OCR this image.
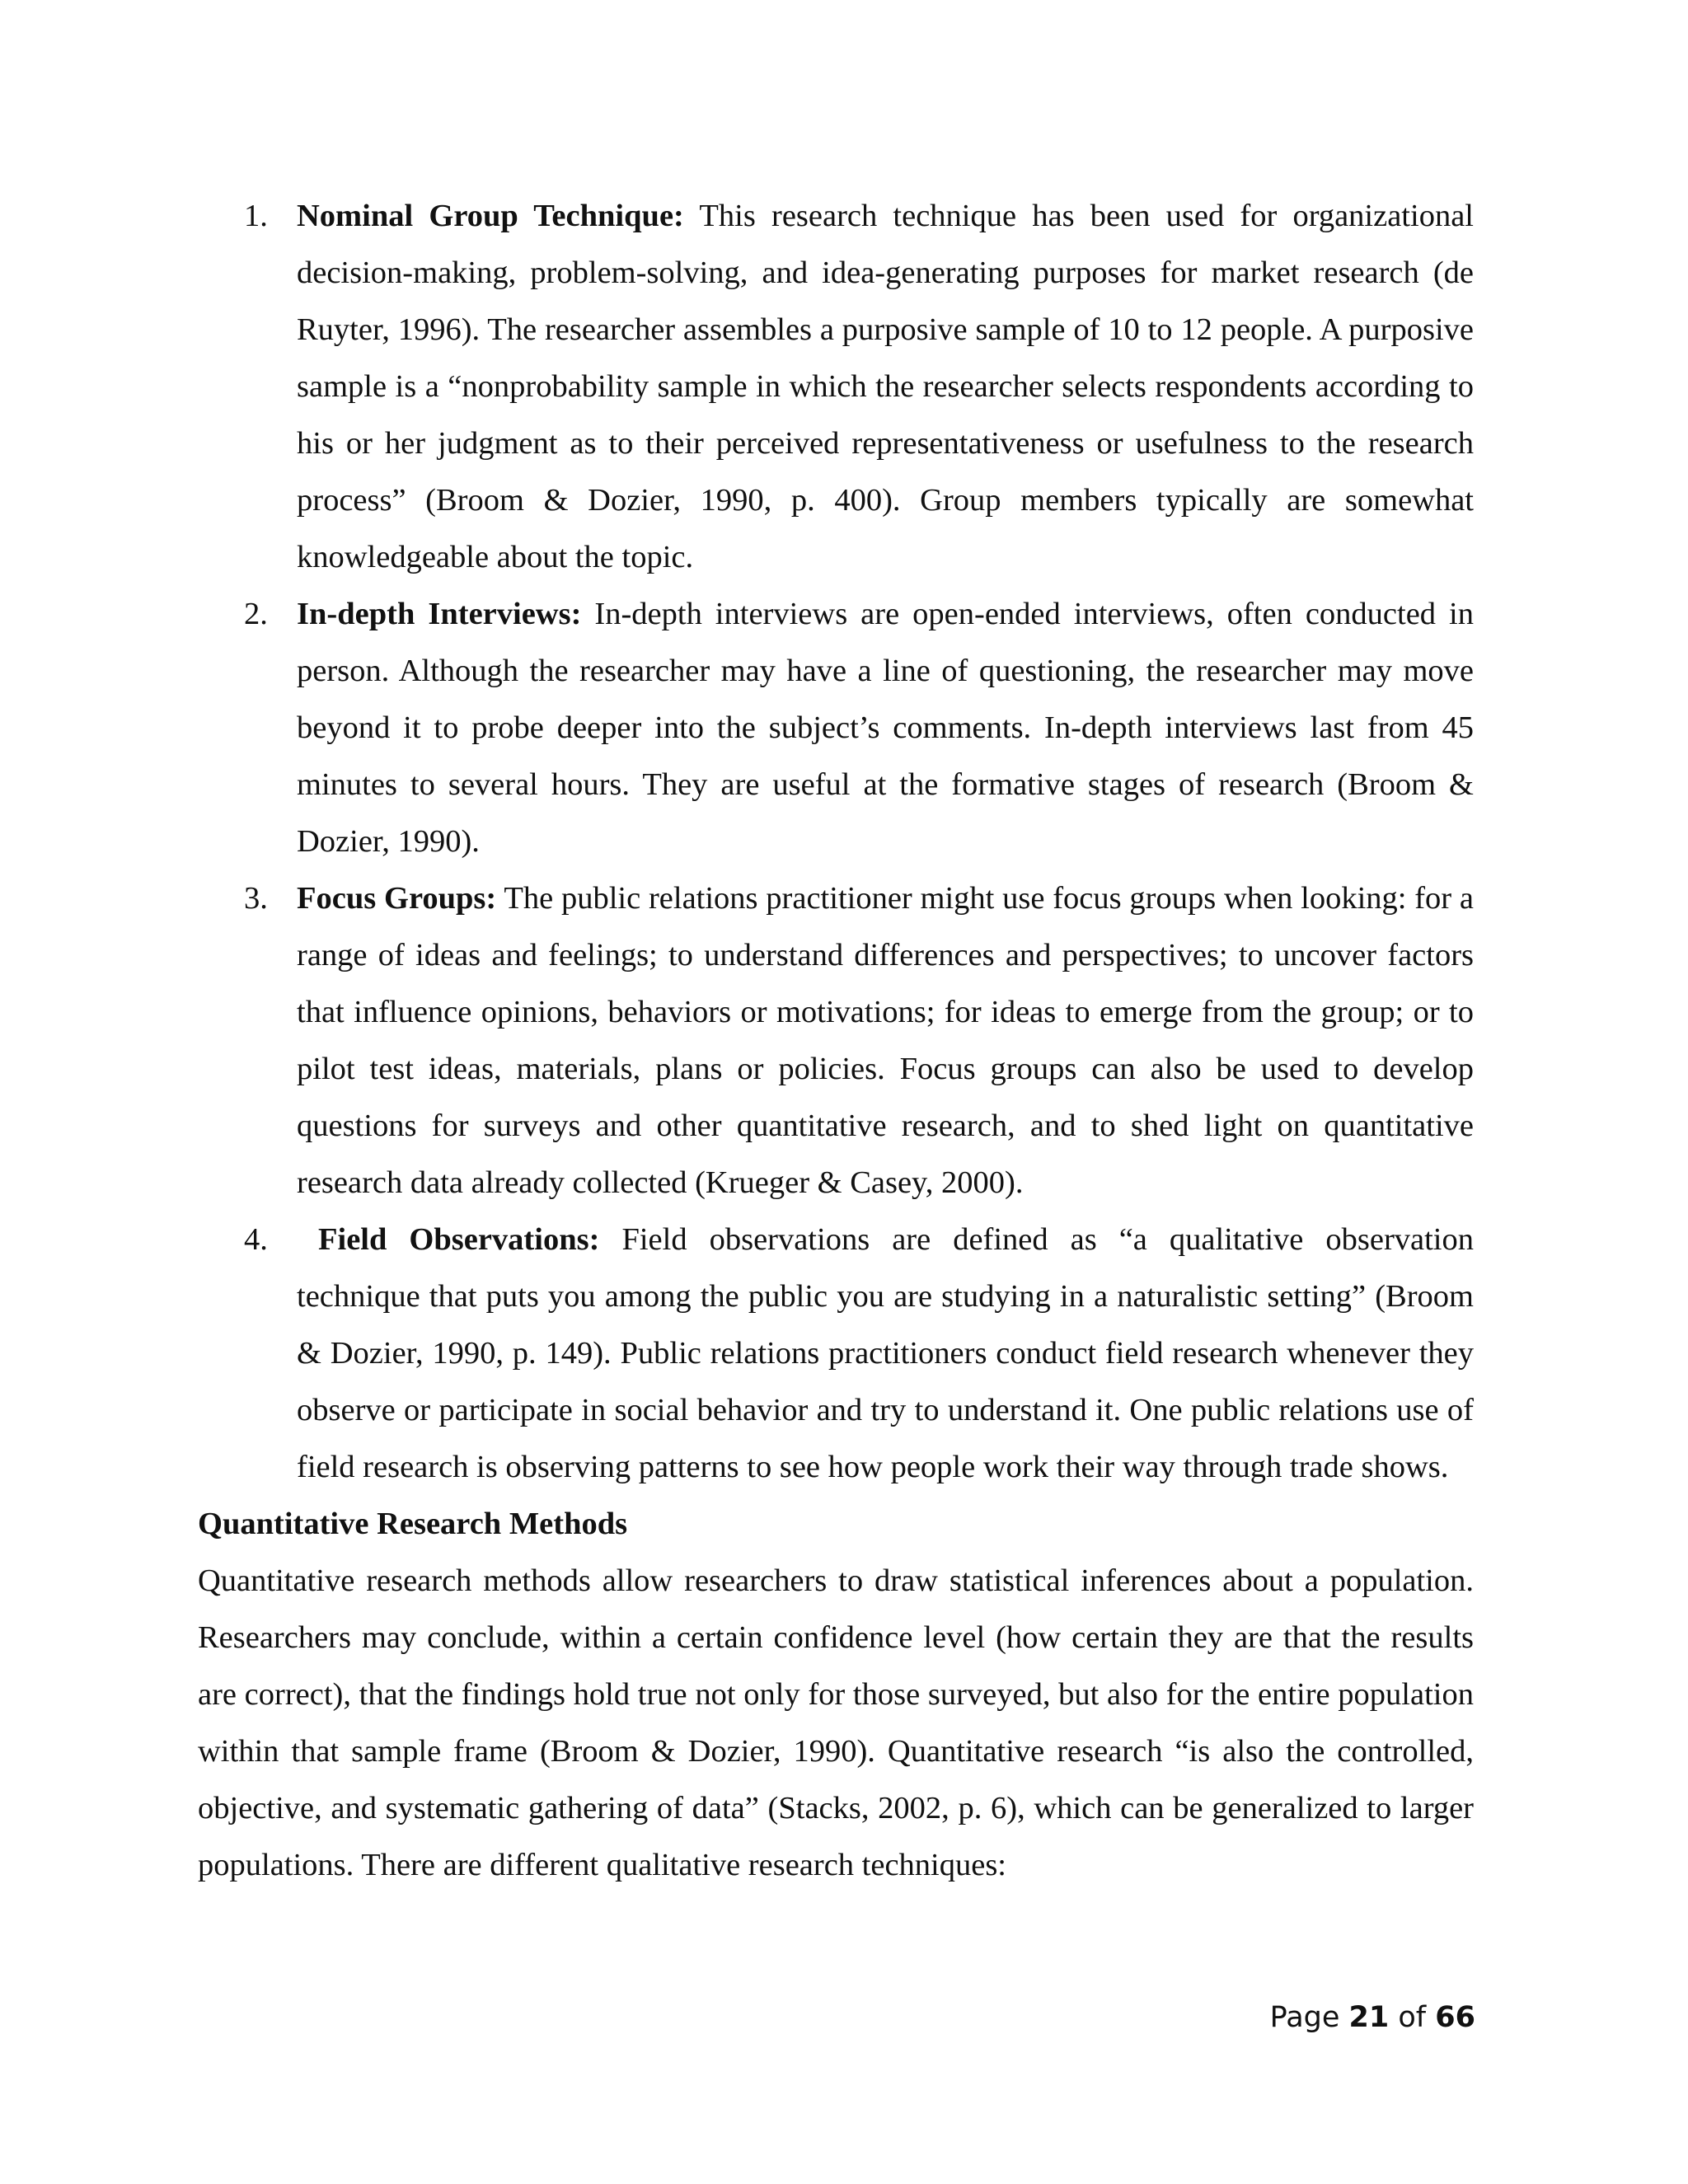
1. Nominal Group Technique: This research technique has been used for organizational decision-making, problem-solving, and idea-generating purposes for market research (de Ruyter, 1996). The researcher assembles a purposive sample of 10 to 12 people. A purposive sample is a “nonprobability sample in which the researcher selects respondents according to his or her judgment as to their perceived representativeness or usefulness to the research process” (Broom & Dozier, 1990, p. 400). Group members typically are somewhat knowledgeable about the topic.
2. In-depth Interviews: In-depth interviews are open-ended interviews, often conducted in person. Although the researcher may have a line of questioning, the researcher may move beyond it to probe deeper into the subject’s comments. In-depth interviews last from 45 minutes to several hours. They are useful at the formative stages of research (Broom & Dozier, 1990).
3. Focus Groups: The public relations practitioner might use focus groups when looking: for a range of ideas and feelings; to understand differences and perspectives; to uncover factors that influence opinions, behaviors or motivations; for ideas to emerge from the group; or to pilot test ideas, materials, plans or policies. Focus groups can also be used to develop questions for surveys and other quantitative research, and to shed light on quantitative research data already collected (Krueger & Casey, 2000).
4. Field Observations: Field observations are defined as “a qualitative observation technique that puts you among the public you are studying in a naturalistic setting” (Broom & Dozier, 1990, p. 149). Public relations practitioners conduct field research whenever they observe or participate in social behavior and try to understand it. One public relations use of field research is observing patterns to see how people work their way through trade shows.
Quantitative Research Methods

Quantitative research methods allow researchers to draw statistical inferences about a population. Researchers may conclude, within a certain confidence level (how certain they are that the results are correct), that the findings hold true not only for those surveyed, but also for the entire population within that sample frame (Broom & Dozier, 1990). Quantitative research “is also the controlled, objective, and systematic gathering of data” (Stacks, 2002, p. 6), which can be generalized to larger populations. There are different qualitative research techniques:

Page 21 of 66
